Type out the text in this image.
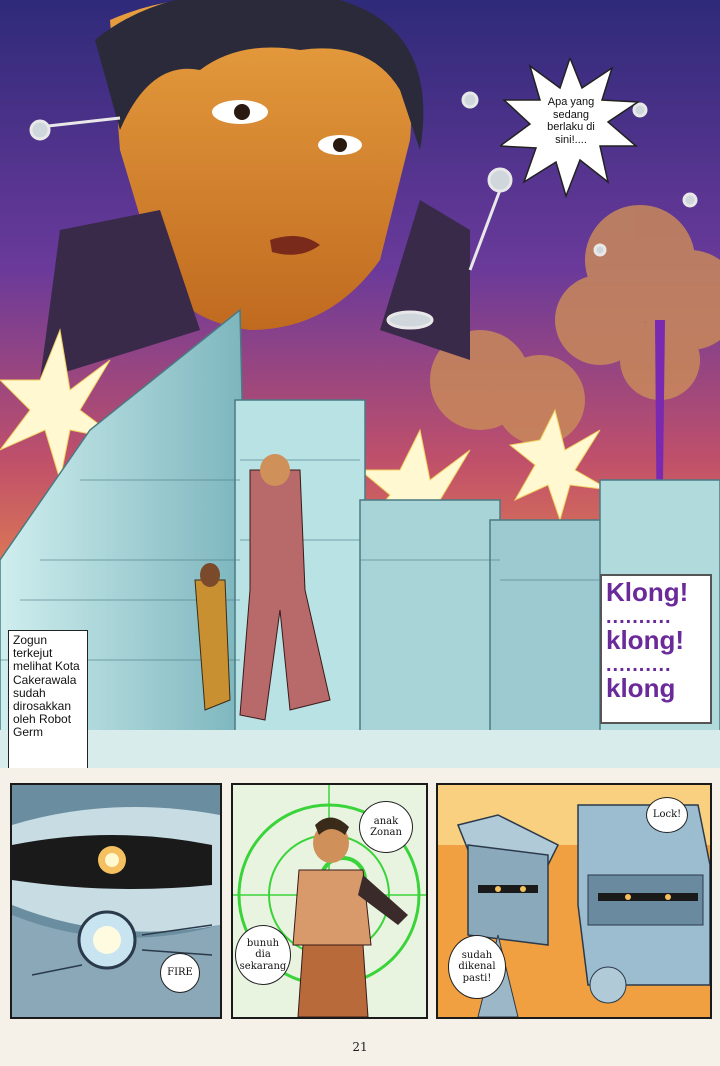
Apa yang sedang berlaku di sini!....
Zogun terkejut melihat Kota Cakerawala sudah dirosakkan oleh Robot Germ
Klong!
..........
klong!
..........
klong
FIRE
anak Zonan
bunuh dia sekarang
Lock!
sudah dikenal pasti!
21
